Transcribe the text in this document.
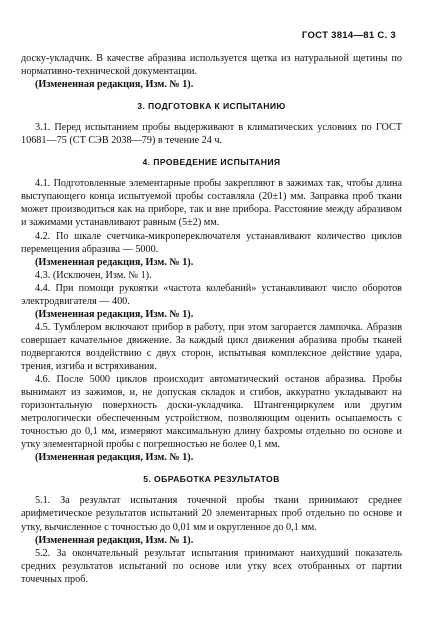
ГОСТ 3814—81 С. 3

доску-укладчик. В качестве абразива используется щетка из натуральной щетины по нормативно-технической документации.

(Измененная редакция, Изм. № 1).

3. ПОДГОТОВКА К ИСПЫТАНИЮ

3.1. Перед испытанием пробы выдерживают в климатических условиях по ГОСТ 10681—75 (СТ СЭВ 2038—79) в течение 24 ч.

4. ПРОВЕДЕНИЕ ИСПЫТАНИЯ

4.1. Подготовленные элементарные пробы закрепляют в зажимах так, чтобы длина выступающего конца испытуемой пробы составляла (20±1) мм. Заправка проб ткани может производиться как на приборе, так и вне прибора. Расстояние между абразивом и зажимами устанавливают равным (5±2) мм.

4.2. По шкале счетчика-микропереключателя устанавливают количество циклов перемещения абразива — 5000.

(Измененная редакция, Изм. № 1).

4.3. (Исключен, Изм. № 1).

4.4. При помощи рукоятки «частота колебаний» устанавливают число оборотов электродвигателя — 400.

(Измененная редакция, Изм. № 1).

4.5. Тумблером включают прибор в работу, при этом загорается лампочка. Абразив совершает качательное движение. За каждый цикл движения абразива пробы тканей подвергаются воздействию с двух сторон, испытывая комплексное действие удара, трения, изгиба и встряхивания.

4.6. После 5000 циклов происходит автоматический останов абразива. Пробы вынимают из зажимов, и, не допуская складок и сгибов, аккуратно укладывают на горизонтальную поверхность доски-укладчика. Штангенциркулем или другим метрологически обеспеченным устройством, позволяющим оценить осыпаемость с точностью до 0,1 мм, измеряют максимальную длину бахромы отдельно по основе и утку элементарной пробы с погрешностью не более 0,1 мм.

(Измененная редакция, Изм. № 1).

5. ОБРАБОТКА РЕЗУЛЬТАТОВ

5.1. За результат испытания точечной пробы ткани принимают среднее арифметическое результатов испытаний 20 элементарных проб отдельно по основе и утку, вычисленное с точностью до 0,01 мм и округленное до 0,1 мм.

(Измененная редакция, Изм. № 1).

5.2. За окончательный результат испытания принимают наихудший показатель средних результатов испытаний по основе или утку всех отобранных от партии точечных проб.
